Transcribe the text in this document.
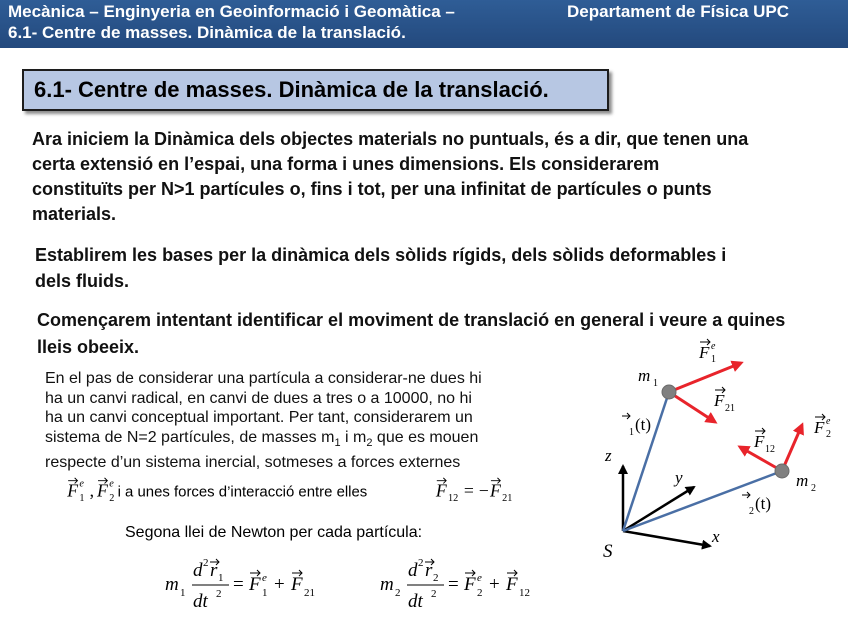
Mecànica – Enginyeria en Geoinformació i Geomàtica –	Departament de Física UPC
6.1- Centre de masses. Dinàmica de la translació.
6.1- Centre de masses. Dinàmica de la translació.
Ara iniciem la Dinàmica dels objectes materials no puntuals, és a dir, que tenen una certa extensió en l’espai, una forma i unes dimensions. Els considerarem constituïts per N>1 partícules o, fins i tot, per una infinitat de partícules o punts materials.
Establirem les bases per la dinàmica dels sòlids rígids, dels sòlids deformables i dels fluids.
Començarem intentant identificar el moviment de translació en general i veure a quines lleis obeeix.
En el pas de considerar una partícula a considerar-ne dues hi
ha un canvi radical, en canvi de dues a tres o a 10000, no hi
ha un canvi conceptual important. Per tant, considerarem un
sistema de N=2 partícules, de masses $m_1$ i $m_2$ que es mouen
respecte d’un sistema inercial, sotmeses a forces externes
F e
1 , F e
2 i a unes forces d’interacció entre elles	F 12 = − F 21
Segona llei de Newton per cada partícula:
m 1
d 2 r 1
dt 2 = F e
1 + F 21	m 2
d 2 r 2
dt 2 = F e
2 + F 12
m 1
m 2
1 (t)
2 (t)
F e
1
F 21
F 12
F e
2
S
x
y
z
